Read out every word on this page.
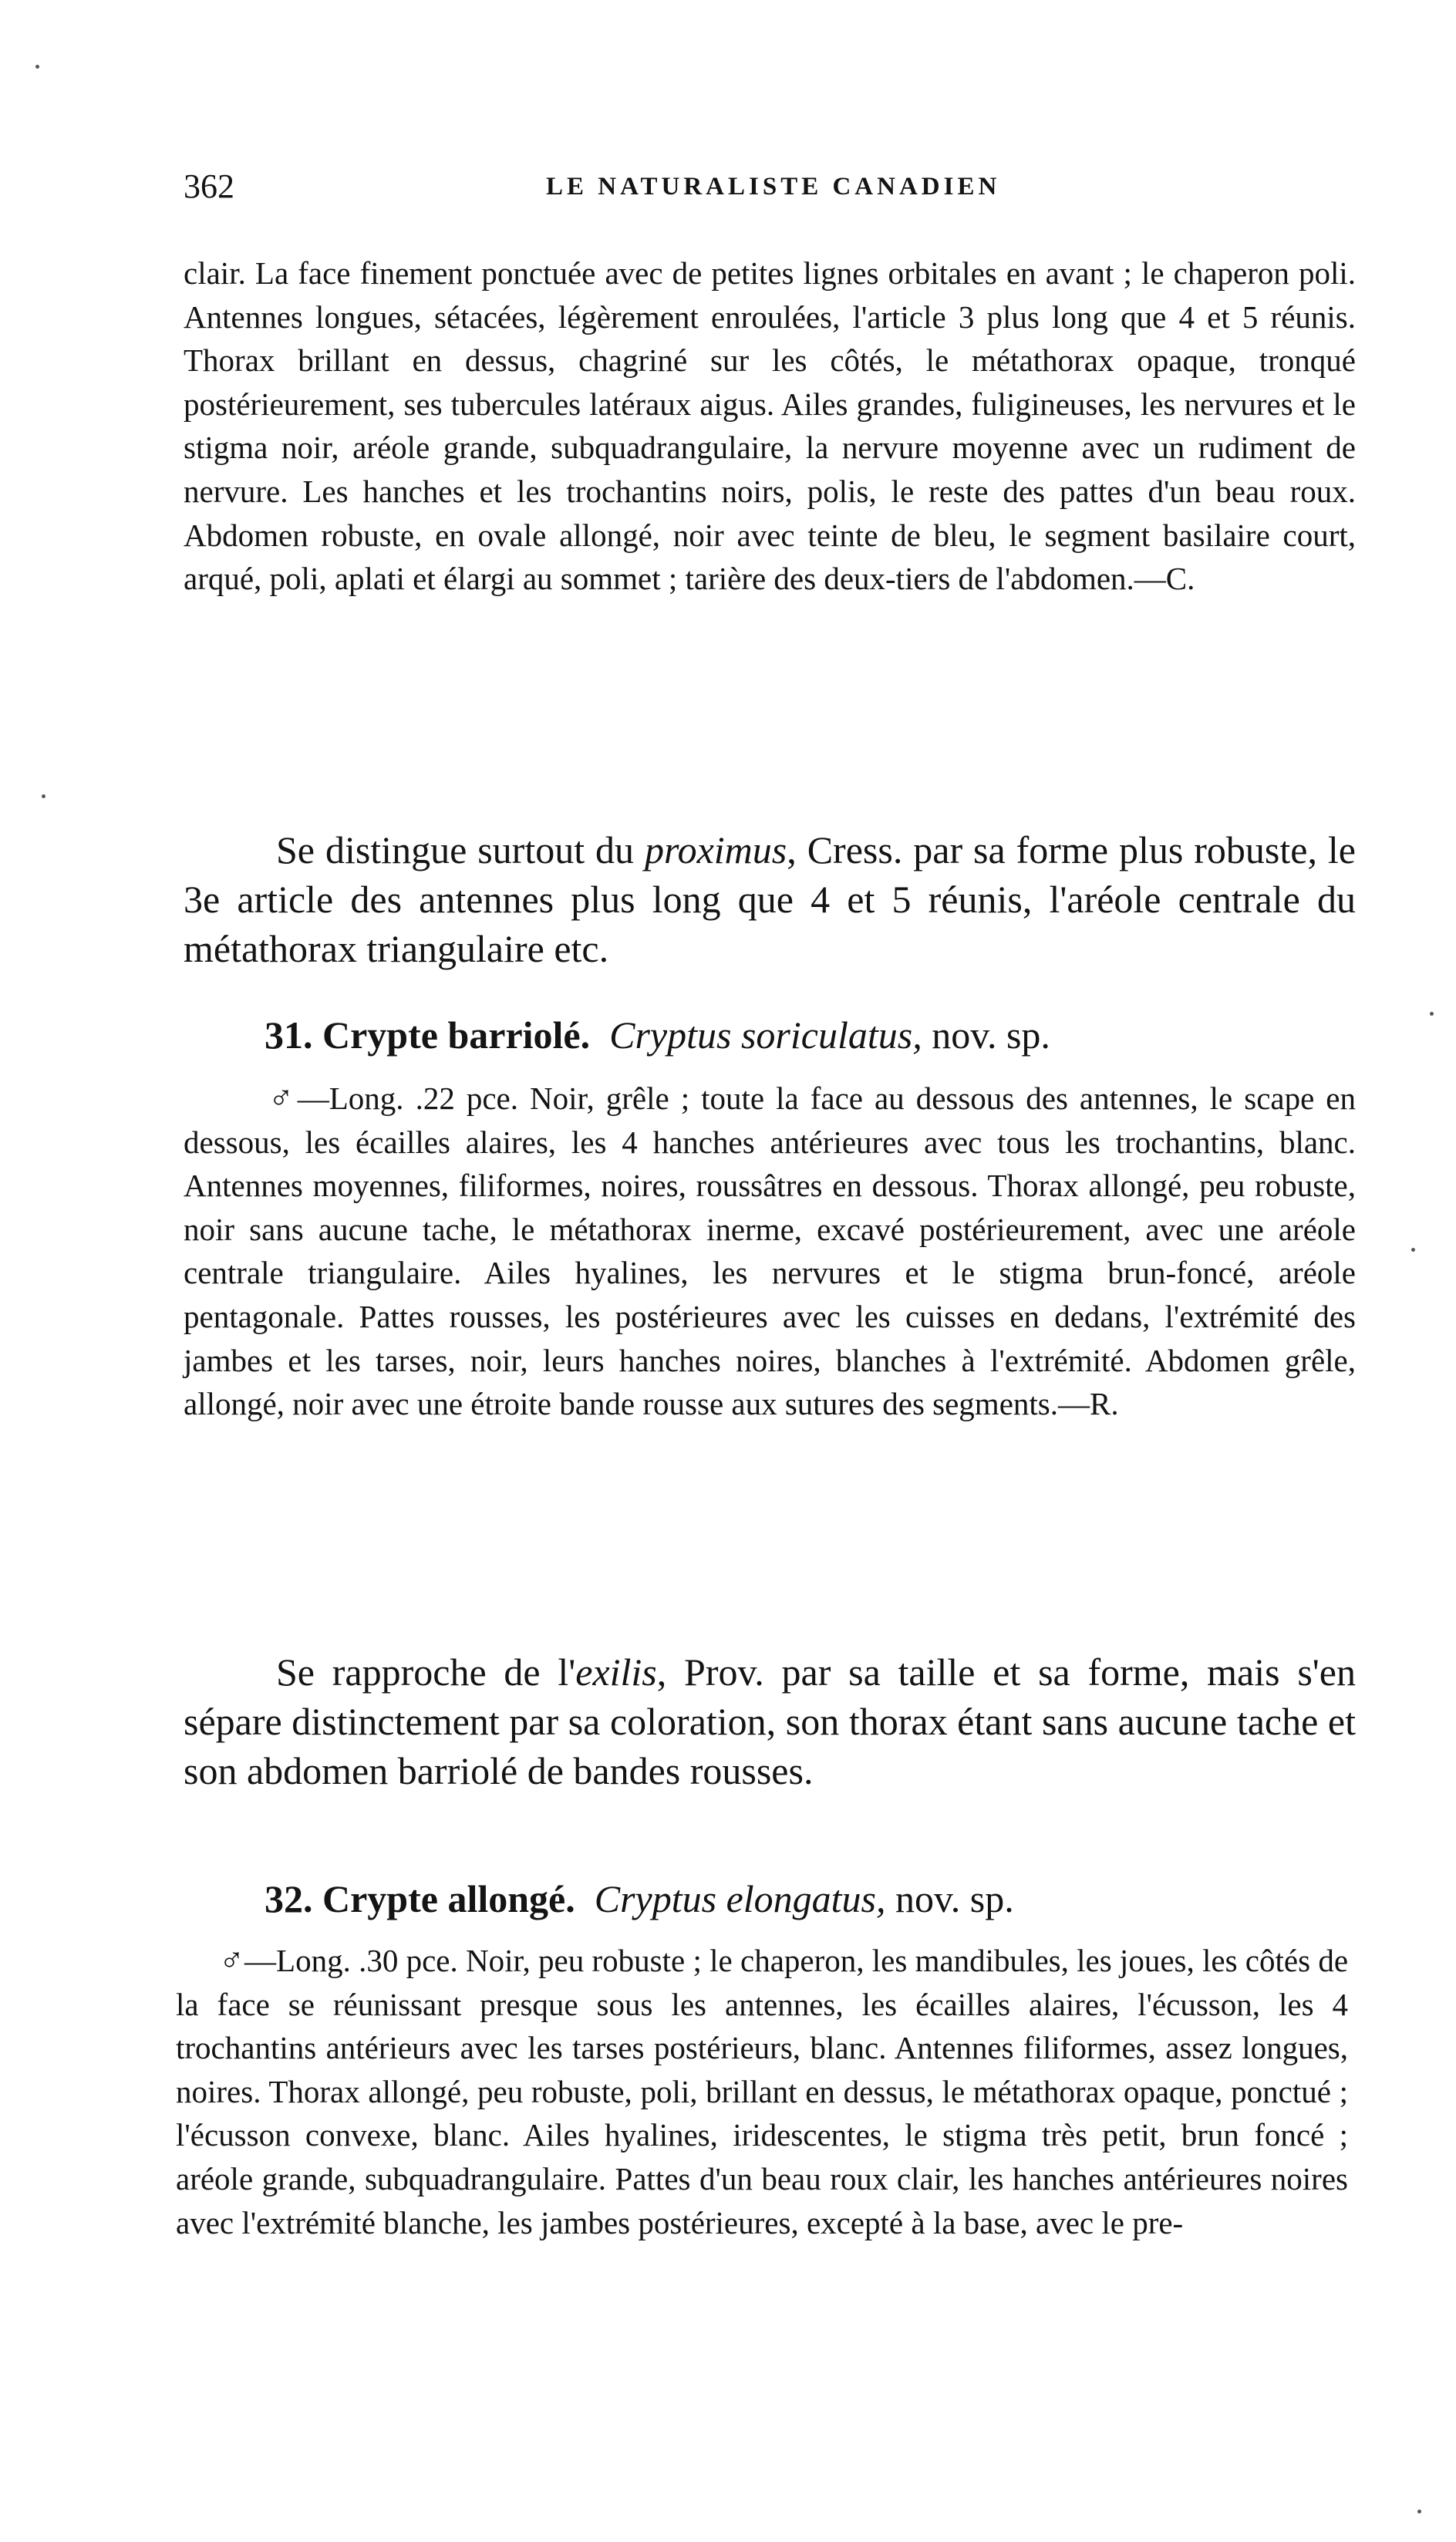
362	LE NATURALISTE CANADIEN

clair. La face finement ponctuée avec de petites lignes orbitales en avant ; le chaperon poli. Antennes longues, sétacées, légèrement enroulées, l'article 3 plus long que 4 et 5 réunis. Thorax brillant en dessus, chagriné sur les côtés, le métathorax opaque, tronqué postérieurement, ses tubercules latéraux aigus. Ailes grandes, fuligineuses, les nervures et le stigma noir, aréole grande, subquadrangulaire, la nervure moyenne avec un rudiment de nervure. Les hanches et les trochantins noirs, polis, le reste des pattes d'un beau roux. Abdomen robuste, en ovale allongé, noir avec teinte de bleu, le segment basilaire court, arqué, poli, aplati et élargi au sommet ; tarière des deux-tiers de l'abdomen.—C.

Se distingue surtout du proximus, Cress. par sa forme plus robuste, le 3e article des antennes plus long que 4 et 5 réunis, l'aréole centrale du métathorax triangulaire etc.

31. Crypte barriolé. Cryptus soriculatus, nov. sp.

♂—Long. .22 pce. Noir, grêle ; toute la face au dessous des antennes, le scape en dessous, les écailles alaires, les 4 hanches antérieures avec tous les trochantins, blanc. Antennes moyennes, filiformes, noires, roussâtres en dessous. Thorax allongé, peu robuste, noir sans aucune tache, le métathorax inerme, excavé postérieurement, avec une aréole centrale triangulaire. Ailes hyalines, les nervures et le stigma brun-foncé, aréole pentagonale. Pattes rousses, les postérieures avec les cuisses en dedans, l'extrémité des jambes et les tarses, noir, leurs hanches noires, blanches à l'extrémité. Abdomen grêle, allongé, noir avec une étroite bande rousse aux sutures des segments.—R.

Se rapproche de l'exilis, Prov. par sa taille et sa forme, mais s'en sépare distinctement par sa coloration, son thorax étant sans aucune tache et son abdomen barriolé de bandes rousses.

32. Crypte allongé. Cryptus elongatus, nov. sp.

♂—Long. .30 pce. Noir, peu robuste ; le chaperon, les mandibules, les joues, les côtés de la face se réunissant presque sous les antennes, les écailles alaires, l'écusson, les 4 trochantins antérieurs avec les tarses postérieurs, blanc. Antennes filiformes, assez longues, noires. Thorax allongé, peu robuste, poli, brillant en dessus, le métathorax opaque, ponctué ; l'écusson convexe, blanc. Ailes hyalines, iridescentes, le stigma très petit, brun foncé ; aréole grande, subquadrangulaire. Pattes d'un beau roux clair, les hanches antérieures noires avec l'extrémité blanche, les jambes postérieures, excepté à la base, avec le pre-
